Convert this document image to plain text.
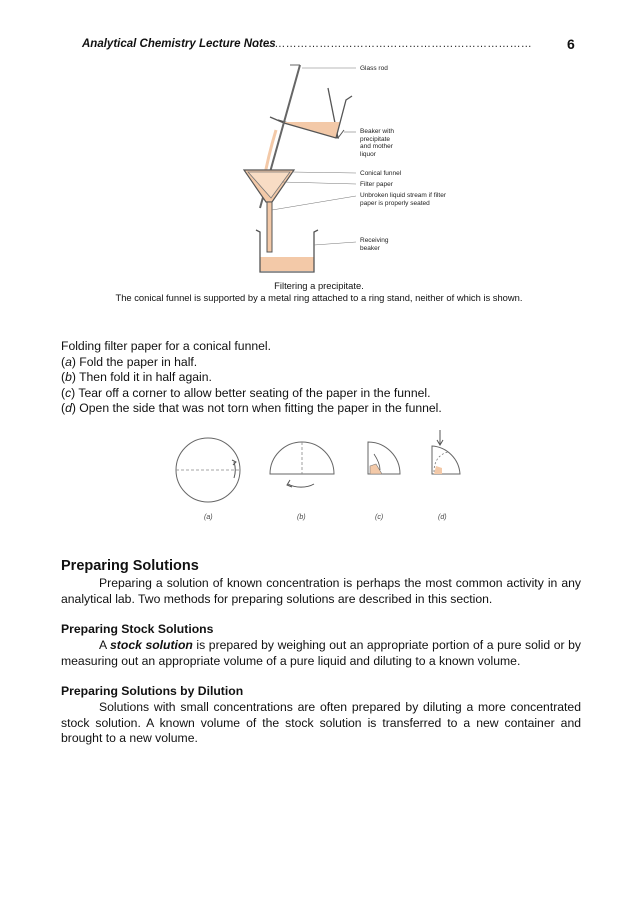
Analytical Chemistry Lecture Notes
…………………………………………………………………	6
Glass rod
Beaker with
precipitate
and mother
liquor
Conical funnel
Filter paper
Unbroken liquid stream if filter
paper is properly seated
Receiving
beaker
Filtering a precipitate.
The conical funnel is supported by a metal ring attached to a ring stand, neither of which is shown.
Folding filter paper for a conical funnel.
(a) Fold the paper in half.
(b) Then fold it in half again.
(c) Tear off a corner to allow better seating of the paper in the funnel.
(d) Open the side that was not torn when fitting the paper in the funnel.
(a)	(b)	(c)	(d)
Preparing Solutions
Preparing a solution of known concentration is perhaps the most common activity in any analytical lab. Two methods for preparing solutions are described in this section.
Preparing Stock Solutions
A stock solution is prepared by weighing out an appropriate portion of a pure solid or by measuring out an appropriate volume of a pure liquid and diluting to a known volume.
Preparing Solutions by Dilution
Solutions with small concentrations are often prepared by diluting a more concentrated stock solution. A known volume of the stock solution is transferred to a new container and brought to a new volume.
